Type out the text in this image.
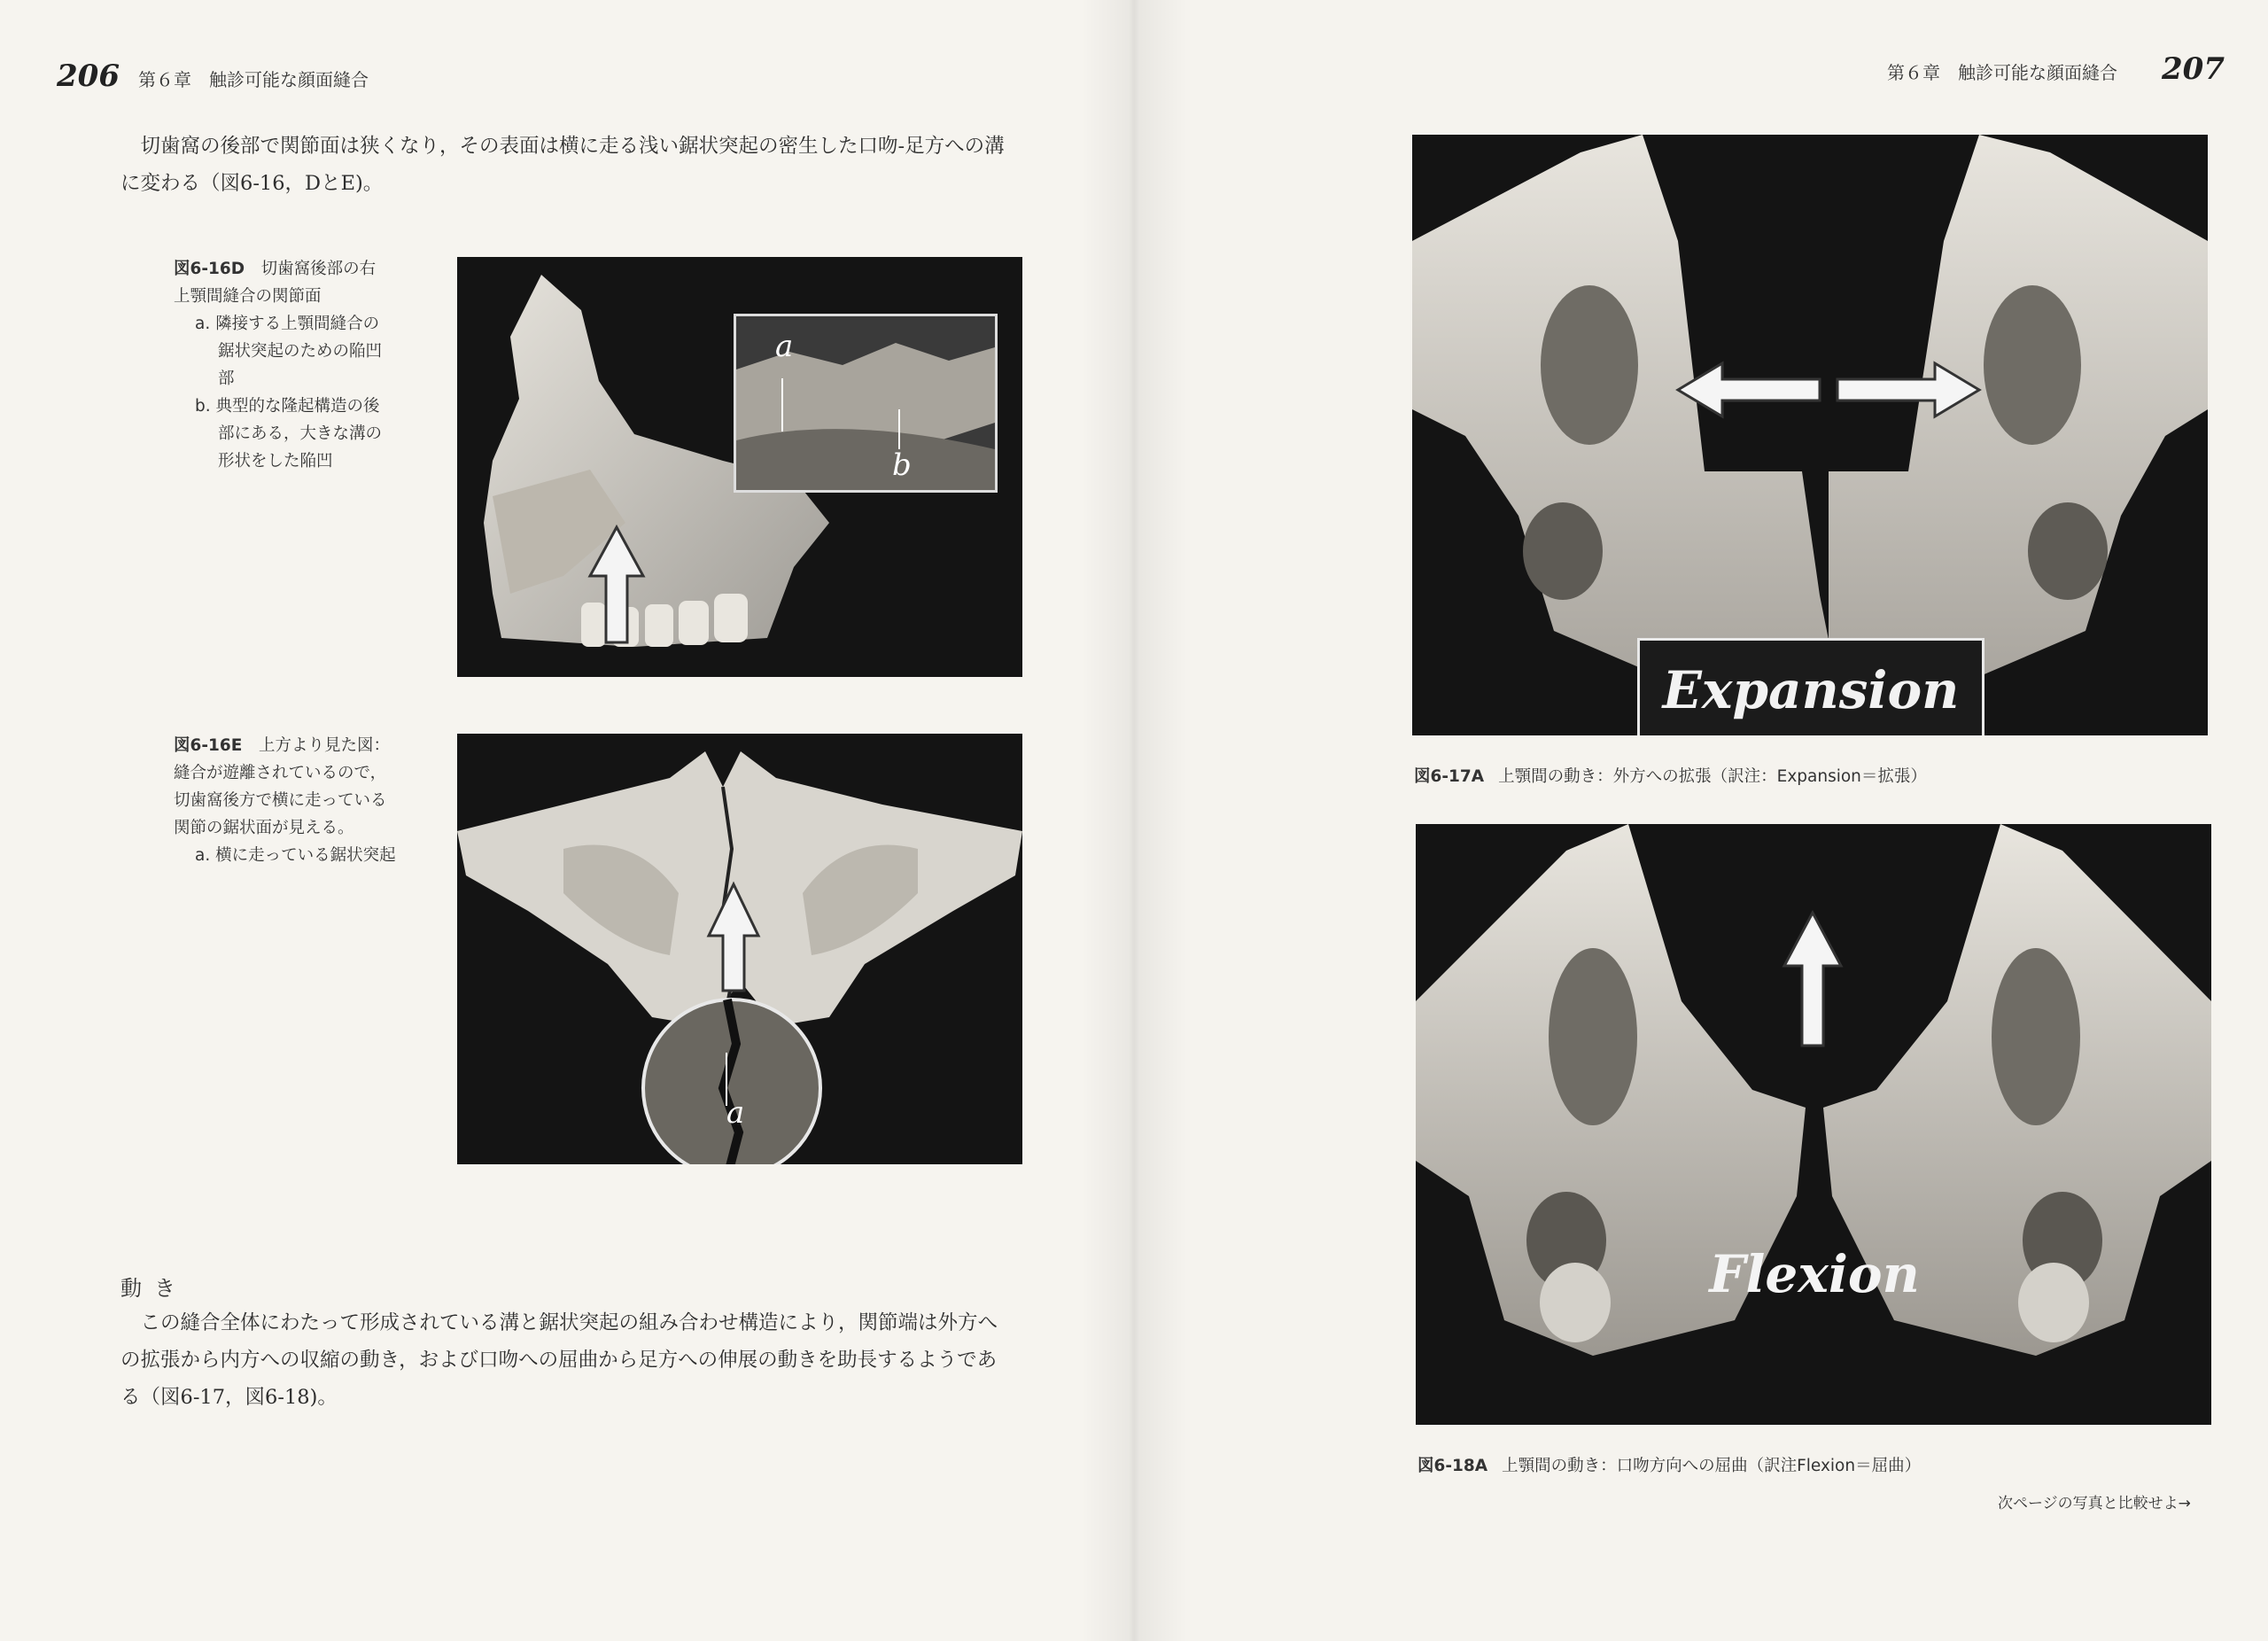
206 第６章　触診可能な顔面縫合
　切歯窩の後部で関節面は狭くなり，その表面は横に走る浅い鋸状突起の密生した口吻-足方への溝
に変わる（図6-16，DとE)。
図6-16D　 切歯窩後部の右
上顎間縫合の関節面
a. 隣接する上顎間縫合の
鋸状突起のための陥凹
部
b. 典型的な隆起構造の後
部にある，大きな溝の
形状をした陥凹
a
b
図6-16E　 上方より見た図：
縫合が遊離されているので，
切歯窩後方で横に走っている
関節の鋸状面が見える。
a. 横に走っている鋸状突起
a
動き
　この縫合全体にわたって形成されている溝と鋸状突起の組み合わせ構造により，関節端は外方へ
の拡張から内方への収縮の動き，および口吻への屈曲から足方への伸展の動きを助長するようであ
る（図6-17，図6-18)。
第６章　触診可能な顔面縫合 207
Expansion
図6-17A 上顎間の動き：外方への拡張（訳注：Expansion＝拡張）
Flexion
図6-18A 上顎間の動き：口吻方向への屈曲（訳注Flexion＝屈曲）
次ページの写真と比較せよ→
